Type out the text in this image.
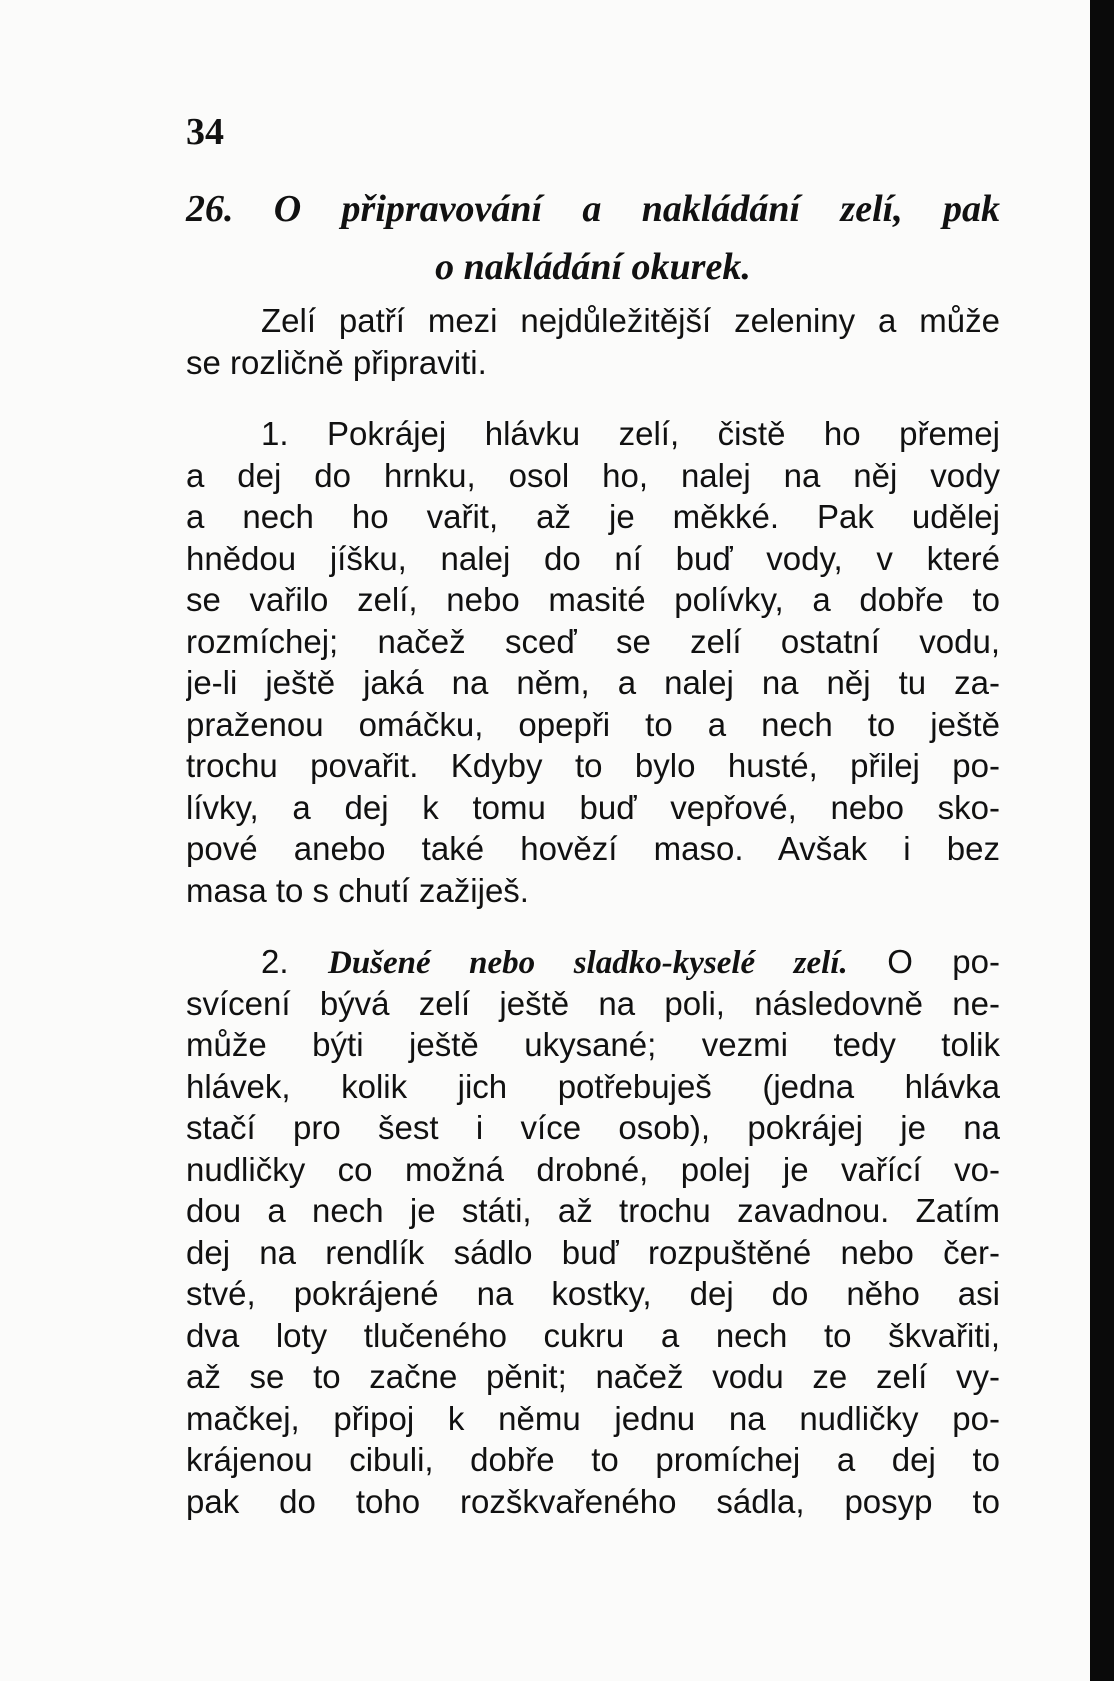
34
26. O připravování a nakládání zelí, pak
o nakládání okurek.
Zelí patří mezi nejdůležitější zeleniny a může
se rozličně připraviti.
1. Pokrájej hlávku zelí, čistě ho přemej
a dej do hrnku, osol ho, nalej na něj vody
a nech ho vařit, až je měkké. Pak udělej
hnědou jíšku, nalej do ní buď vody, v které
se vařilo zelí, nebo masité polívky, a dobře to
rozmíchej; načež sceď se zelí ostatní vodu,
je-li ještě jaká na něm, a nalej na něj tu za-
praženou omáčku, opepři to a nech to ještě
trochu povařit. Kdyby to bylo husté, přilej po-
lívky, a dej k tomu buď vepřové, nebo sko-
pové anebo také hovězí maso. Avšak i bez
masa to s chutí zažiješ.
2. Dušené nebo sladko-kyselé zelí. O po-
svícení bývá zelí ještě na poli, následovně ne-
může býti ještě ukysané; vezmi tedy tolik
hlávek, kolik jich potřebuješ (jedna hlávka
stačí pro šest i více osob), pokrájej je na
nudličky co možná drobné, polej je vařící vo-
dou a nech je státi, až trochu zavadnou. Zatím
dej na rendlík sádlo buď rozpuštěné nebo čer-
stvé, pokrájené na kostky, dej do něho asi
dva loty tlučeného cukru a nech to škvařiti,
až se to začne pěnit; načež vodu ze zelí vy-
mačkej, připoj k němu jednu na nudličky po-
krájenou cibuli, dobře to promíchej a dej to
pak do toho rozškvařeného sádla, posyp to
